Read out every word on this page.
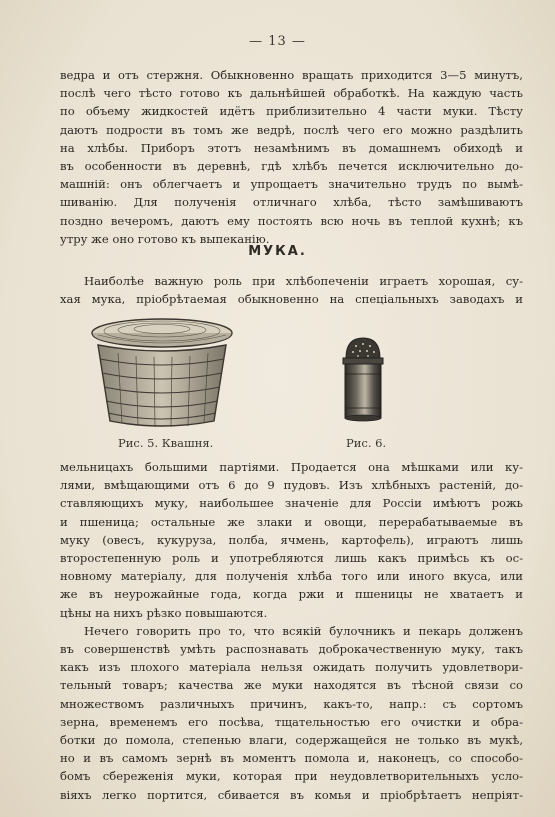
— 13 —
ведра и отъ стержня. Обыкновенно вращать приходится 3—5 минутъ,
послѣ чего тѣсто готово къ дальнѣйшей обработкѣ. На каждую часть
по объему жидкостей идётъ приблизительно 4 части муки. Тѣсту
даютъ подрости въ томъ же ведрѣ, послѣ чего его можно раздѣлить
на хлѣбы. Приборъ этотъ незамѣнимъ въ домашнемъ обиходѣ и
въ особенности въ деревнѣ, гдѣ хлѣбъ печется исключительно до-
машній: онъ облегчаетъ и упрощаетъ значительно трудъ по вымѣ-
шиванію. Для полученія отличнаго хлѣба, тѣсто замѣшиваютъ
поздно вечеромъ, даютъ ему постоять всю ночь въ теплой кухнѣ; къ
утру же оно готово къ выпеканію.
МУКА.
Наиболѣе важную роль при хлѣбопеченіи играетъ хорошая, су-
хая мука, пріобрѣтаемая обыкновенно на спеціальныхъ заводахъ и
Рис. 5. Квашня.	Рис. 6.
мельницахъ большими партіями. Продается она мѣшками или ку-
лями, вмѣщающими отъ 6 до 9 пудовъ. Изъ хлѣбныхъ растеній, до-
ставляющихъ муку, наибольшее значеніе для Россіи имѣютъ рожь
и пшеница; остальные же злаки и овощи, перерабатываемые въ
муку (овесъ, кукуруза, полба, ячмень, картофель), играютъ лишь
второстепенную роль и употребляются лишь какъ примѣсь къ ос-
новному матеріалу, для полученія хлѣба того или иного вкуса, или
же въ неурожайные года, когда ржи и пшеницы не хватаетъ и
цѣны на нихъ рѣзко повышаются.
Нечего говорить про то, что всякій булочникъ и пекарь долженъ
въ совершенствѣ умѣть распознавать доброкачественную муку, такъ
какъ изъ плохого матеріала нельзя ожидать получить удовлетвори-
тельный товаръ; качества же муки находятся въ тѣсной связи со
множествомъ различныхъ причинъ, какъ-то, напр.: съ сортомъ
зерна, временемъ его посѣва, тщательностью его очистки и обра-
ботки до помола, степенью влаги, содержащейся не только въ мукѣ,
но и въ самомъ зернѣ въ моментъ помола и, наконецъ, со способо-
бомъ сбереженія муки, которая при неудовлетворительныхъ усло-
віяхъ легко портится, сбивается въ комья и пріобрѣтаетъ непріят-
